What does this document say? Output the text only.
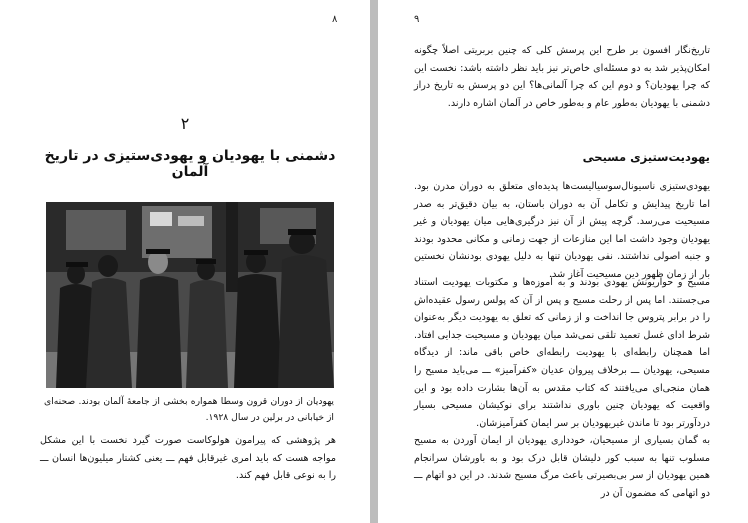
۸
۲
دشمنی با یهودیان و یهودی‌ستیزی در تاریخ آلمان
یهودیان از دوران قرون وسطا همواره بخشی از جامعهٔ آلمان بودند. صحنه‌ای از خیابانی در برلین در سال ۱۹۲۸.
هر پژوهشی که پیرامون هولوکاست صورت گیرد نخست با این مشکل مواجه هست که باید امری غیرقابل فهم ـــ یعنی کشتار میلیون‌ها انسان ـــ را به نوعی قابل فهم کند.
۹
تاریخ‌نگار افسون بر طرح این پرسش کلی که چنین بربریتی اصلاً چگونه امکان‌پذیر شد به دو مسئله‌ای خاص‌تر نیز باید نظر داشته باشد: نخست این که چرا یهودیان؟ و دوم این که چرا آلمانی‌ها؟ این دو پرسش به تاریخ دراز دشمنی با یهودیان به‌طور عام و به‌طور خاص در آلمان اشاره دارند.
یهودیت‌ستیزی مسیحی
یهودی‌ستیزی ناسیونال‌سوسیالیست‌ها پدیده‌ای متعلق به دوران مدرن بود. اما تاریخ پیدایش و تکامل آن به دوران باستان، به بیان دقیق‌تر به صدر مسیحیت می‌رسد. گرچه پیش از آن نیز درگیری‌هایی میان یهودیان و غیر یهودیان وجود داشت اما این منازعات از جهت زمانی و مکانی محدود بودند و جنبه اصولی نداشتند. نفی یهودیان تنها به دلیل یهودی بودنشان نخستین بار از زمان ظهور دین مسیحیت آغاز شد.
مسیح و حواریونش یهودی بودند و به آموزه‌ها و مکتوبات یهودیت استناد می‌جستند. اما پس از رحلت مسیح و پس از آن که پولس رسول عقیده‌اش را در برابر پتروس جا انداخت و از زمانی که تعلق به یهودیت دیگر به‌عنوان شرط ادای غسل تعمید تلقی نمی‌شد میان یهودیان و مسیحیت جدایی افتاد. اما همچنان رابطه‌ای با یهودیت رابطه‌ای خاص باقی ماند: از دیدگاه مسیحی، یهودیان ـــ برخلاف پیروان عدیان «کفرآمیز» ـــ می‌باید مسیح را همان منجی‌ای می‌یافتند که کتاب مقدس به آن‌ها بشارت داده بود و این واقعیت که یهودیان چنین باوری نداشتند برای نوکیشان مسیحی بسیار دردآورتر بود تا ماندن غیریهودیان بر سر ایمان کفرآمیزشان.
به گمان بسیاری از مسیحیان، خودداری یهودیان از ایمان آوردن به مسیح مسلوب تنها به سبب کور دلیشان قابل درک بود و به باورشان سرانجام همین یهودیان از سر بی‌بصیرتی باعث مرگ مسیح شدند. در این دو اتهام ـــ دو اتهامی که مضمون آن در
